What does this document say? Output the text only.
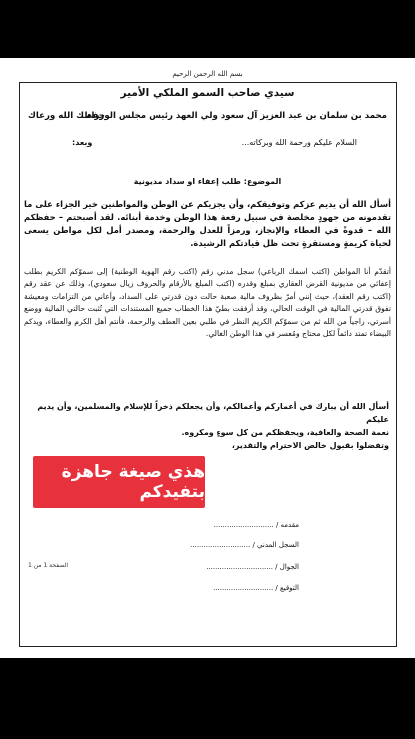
بسم الله الرحمن الرحيم
سيدي صاحب السمو الملكي الأمير
محمد بن سلمان بن عبد العزيز آل سعود ولي العهد رئيس مجلس الوزراء
حفظك الله ورعاك
السلام عليكم ورحمة الله وبركاته...
وبعد:
الموضوع: طلب إعفاء او سداد مديونية
أسأل الله أن يديم عزكم وتوفيقكم، وأن يجزيكم عن الوطن والمواطنين خير الجزاء على ما تقدمونه من جهودٍ مخلصة في سبيل رفعة هذا الوطن وخدمة أبنائه. لقد أصبحتم – حفظكم الله – قدوةً في العطاء والإنجاز، ورمزاً للعدل والرحمة، ومصدر أمل لكل مواطن يسعى لحياة كريمةٍ ومستقرةٍ تحت ظل قيادتكم الرشيدة.
أتقدّم أنا المواطن (اكتب اسمك الرباعي) سجل مدني رقم (اكتب رقم الهوية الوطنية) إلى سموّكم الكريم بطلب إعفائي من مديونية القرض العقاري بمبلغ وقدره (اكتب المبلغ بالأرقام والحروف ريال سعودي)، وذلك عن عقد رقم (اكتب رقم العقد)، حيث إنني أمرّ بظروف مالية صعبة حالت دون قدرتي على السداد، وأعاني من التزامات ومعيشة تفوق قدرتي المالية في الوقت الحالي، وقد أرفقت بطيّ هذا الخطاب جميع المستندات التي تُثبت حالتي المالية ووضع أسرتي، راجياً من الله ثم من سموّكم الكريم النظر في طلبي بعين العطف والرحمة، فأنتم أهل الكرم والعطاء، ويدكم البيضاء تمتد دائماً لكل محتاج ومُعسر في هذا الوطن الغالي.
أسأل الله أن يبارك في أعماركم وأعمالكم، وأن يجعلكم ذخراً للإسلام والمسلمين، وأن يديم عليكم
نعمة الصحة والعافية، ويحفظكم من كل سوءٍ ومكروه.
وتفضلوا بقبول خالص الاحترام والتقدير،
مقدمه / ...........................
السجل المدني / ...........................
الجوال / ..............................
التوقيع / ...........................
هذي صيغة جاهزة بتفيدكم
الصفحة 1 من 1
